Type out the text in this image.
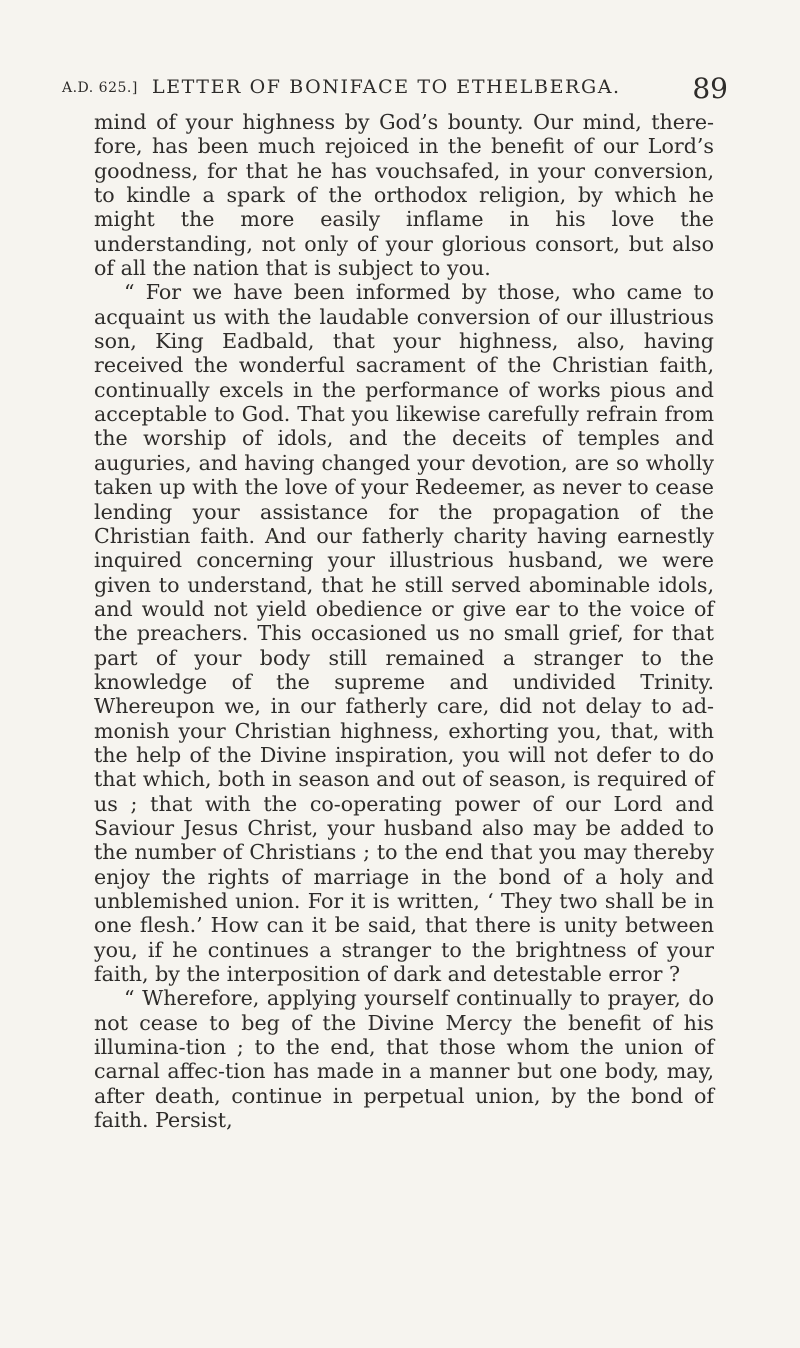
A.D. 625.] LETTER OF BONIFACE TO ETHELBERGA.	89

mind of your highness by God’s bounty. Our mind, there-fore, has been much rejoiced in the benefit of our Lord’s goodness, for that he has vouchsafed, in your conversion, to kindle a spark of the orthodox religion, by which he might the more easily inflame in his love the understanding, not only of your glorious consort, but also of all the nation that is subject to you.

“ For we have been informed by those, who came to acquaint us with the laudable conversion of our illustrious son, King Eadbald, that your highness, also, having received the wonderful sacrament of the Christian faith, continually excels in the performance of works pious and acceptable to God. That you likewise carefully refrain from the worship of idols, and the deceits of temples and auguries, and having changed your devotion, are so wholly taken up with the love of your Redeemer, as never to cease lending your assistance for the propagation of the Christian faith. And our fatherly charity having earnestly inquired concerning your illustrious husband, we were given to understand, that he still served abominable idols, and would not yield obedience or give ear to the voice of the preachers. This occasioned us no small grief, for that part of your body still remained a stranger to the knowledge of the supreme and undivided Trinity. Whereupon we, in our fatherly care, did not delay to ad-monish your Christian highness, exhorting you, that, with the help of the Divine inspiration, you will not defer to do that which, both in season and out of season, is required of us ; that with the co-operating power of our Lord and Saviour Jesus Christ, your husband also may be added to the number of Christians ; to the end that you may thereby enjoy the rights of marriage in the bond of a holy and unblemished union. For it is written, ‘ They two shall be in one flesh.’ How can it be said, that there is unity between you, if he continues a stranger to the brightness of your faith, by the interposition of dark and detestable error ?

“ Wherefore, applying yourself continually to prayer, do not cease to beg of the Divine Mercy the benefit of his illumina-tion ; to the end, that those whom the union of carnal affec-tion has made in a manner but one body, may, after death, continue in perpetual union, by the bond of faith. Persist,
